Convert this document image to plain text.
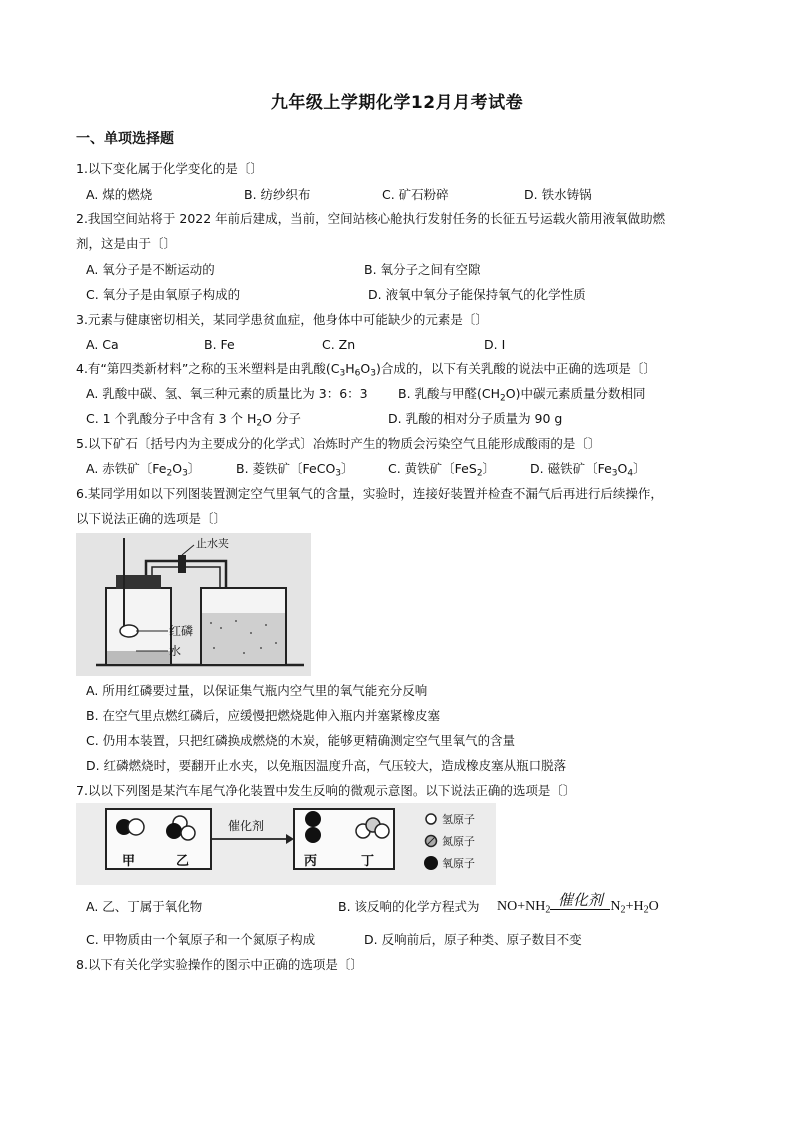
九年级上学期化学12月月考试卷
一、单项选择题
1.以下变化属于化学变化的是〔〕
A. 煤的燃烧	B. 纺纱织布	C. 矿石粉碎	D. 铁水铸锅
2.我国空间站将于 2022 年前后建成，当前，空间站核心舱执行发射任务的长征五号运载火箭用液氧做助燃
剂，这是由于〔〕
A. 氧分子是不断运动的	B. 氧分子之间有空隙
C. 氧分子是由氧原子构成的	D. 液氧中氧分子能保持氧气的化学性质
3.元素与健康密切相关，某同学患贫血症，他身体中可能缺少的元素是〔〕
A. Ca	B. Fe	C. Zn	D. I
4.有“第四类新材料”之称的玉米塑料是由乳酸$(C_3H_6O_3)$合成的，以下有关乳酸的说法中正确的选项是〔〕
A. 乳酸中碳、氢、氧三种元素的质量比为 3：6：3 B. 乳酸与甲醛$(CH_2O)$中碳元素质量分数相同
C. 1 个乳酸分子中含有 3 个 $H_2O$ 分子	D. 乳酸的相对分子质量为 90 g
5.以下矿石〔括号内为主要成分的化学式〕冶炼时产生的物质会污染空气且能形成酸雨的是〔〕
A. 赤铁矿〔$Fe_2O_3$〕	B. 菱铁矿〔FeCO$_3$〕	C. 黄铁矿〔FeS$_2$〕	D. 磁铁矿〔$Fe_3O_4$〕
6.某同学用如以下列图装置测定空气里氧气的含量，实验时，连接好装置并检查不漏气后再进行后续操作，
以下说法正确的选项是〔〕
止水夹
红磷
水
A. 所用红磷要过量，以保证集气瓶内空气里的氧气能充分反响
B. 在空气里点燃红磷后，应缓慢把燃烧匙伸入瓶内并塞紧橡皮塞
C. 仍用本装置，只把红磷换成燃烧的木炭，能够更精确测定空气里氧气的含量
D. 红磷燃烧时，要翻开止水夹，以免瓶因温度升高，气压较大，造成橡皮塞从瓶口脱落
7.以以下列图是某汽车尾气净化装置中发生反响的微观示意图。以下说法正确的选项是〔〕
催化剂
甲	乙	丙	丁
氢原子
氮原子
氧原子
A. 乙、丁属于氧化物	B. 该反响的化学方程式为 $NO+NH_2$
催化剂 $N_2+H_2O$
C. 甲物质由一个氧原子和一个氮原子构成	D. 反响前后，原子种类、原子数目不变
8.以下有关化学实验操作的图示中正确的选项是〔〕
